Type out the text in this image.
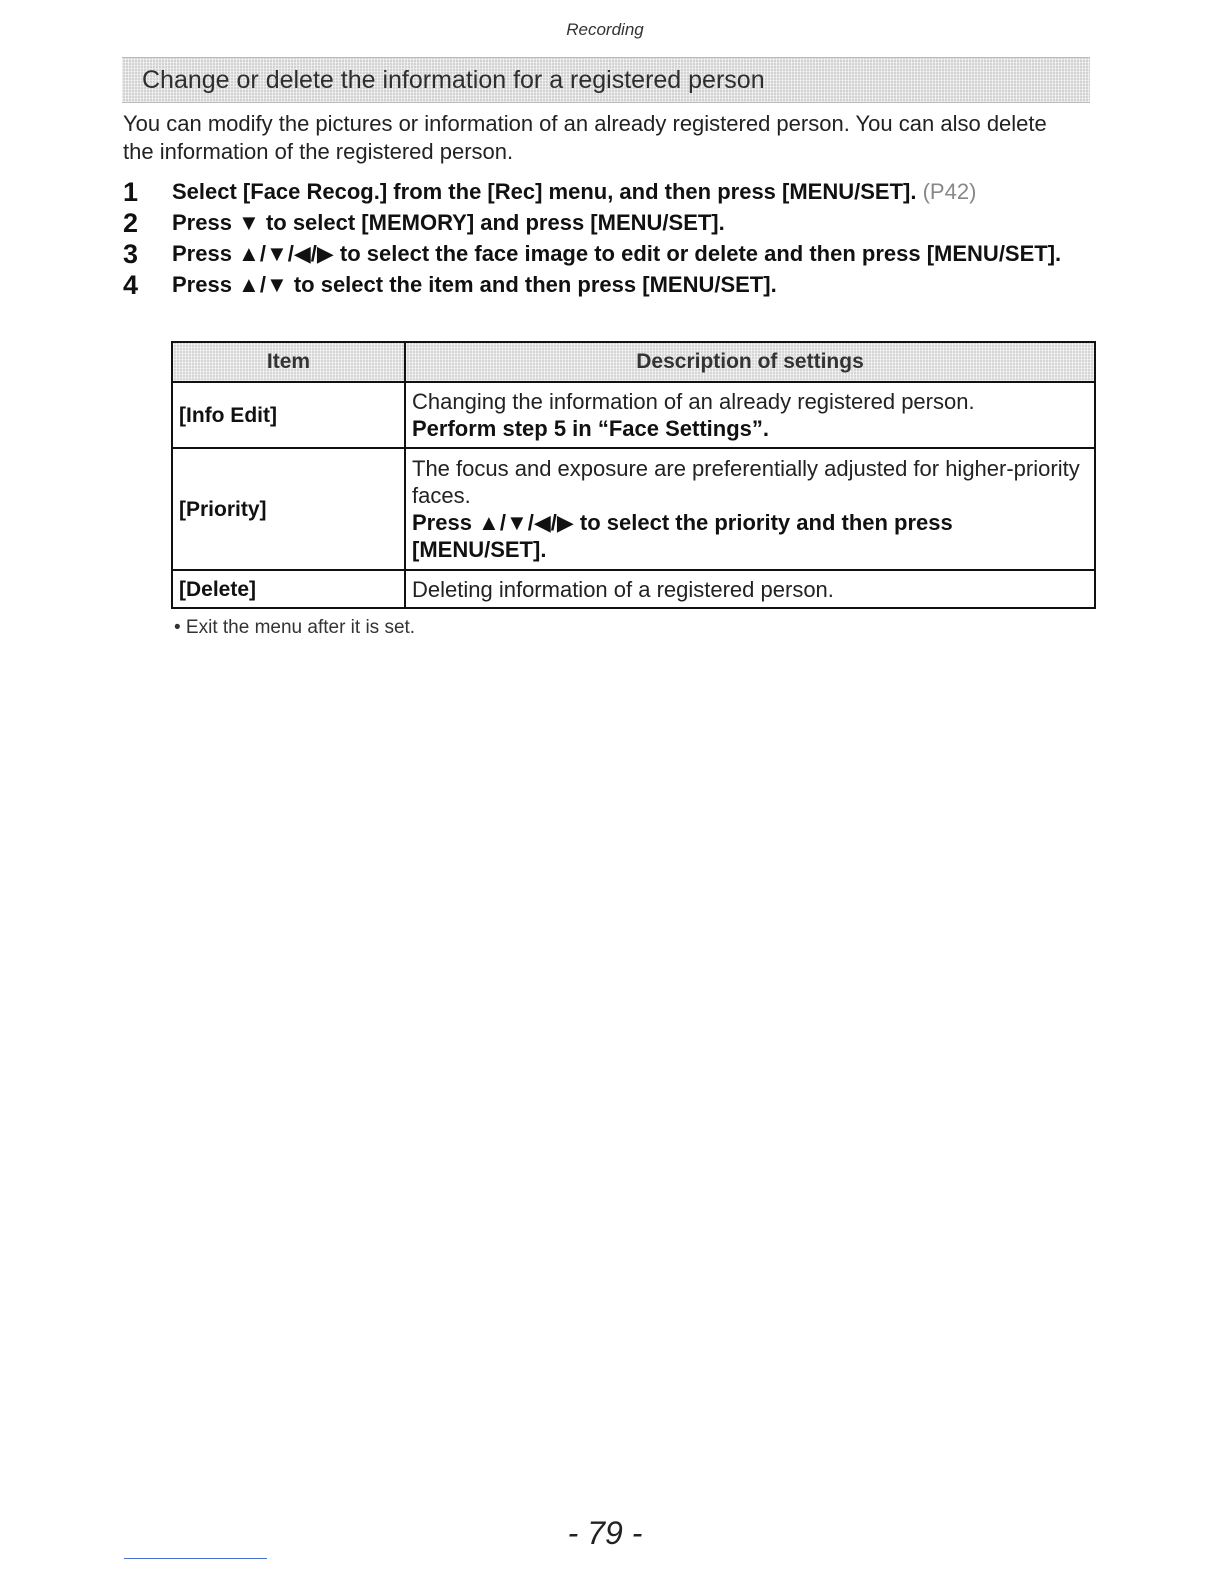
Recording
Change or delete the information for a registered person
You can modify the pictures or information of an already registered person. You can also delete the information of the registered person.
1 Select [Face Recog.] from the [Rec] menu, and then press [MENU/SET]. (P42)
2 Press ▼ to select [MEMORY] and press [MENU/SET].
3 Press ▲/▼/◀/▶ to select the face image to edit or delete and then press [MENU/SET].
4 Press ▲/▼ to select the item and then press [MENU/SET].
Item	Description of settings
[Info Edit]	Changing the information of an already registered person.
Perform step 5 in “Face Settings”.

[Priority]	The focus and exposure are preferentially adjusted for higher-priority faces.
Press ▲/▼/◀/▶ to select the priority and then press [MENU/SET].

[Delete]	Deleting information of a registered person.
• Exit the menu after it is set.
- 79 -
